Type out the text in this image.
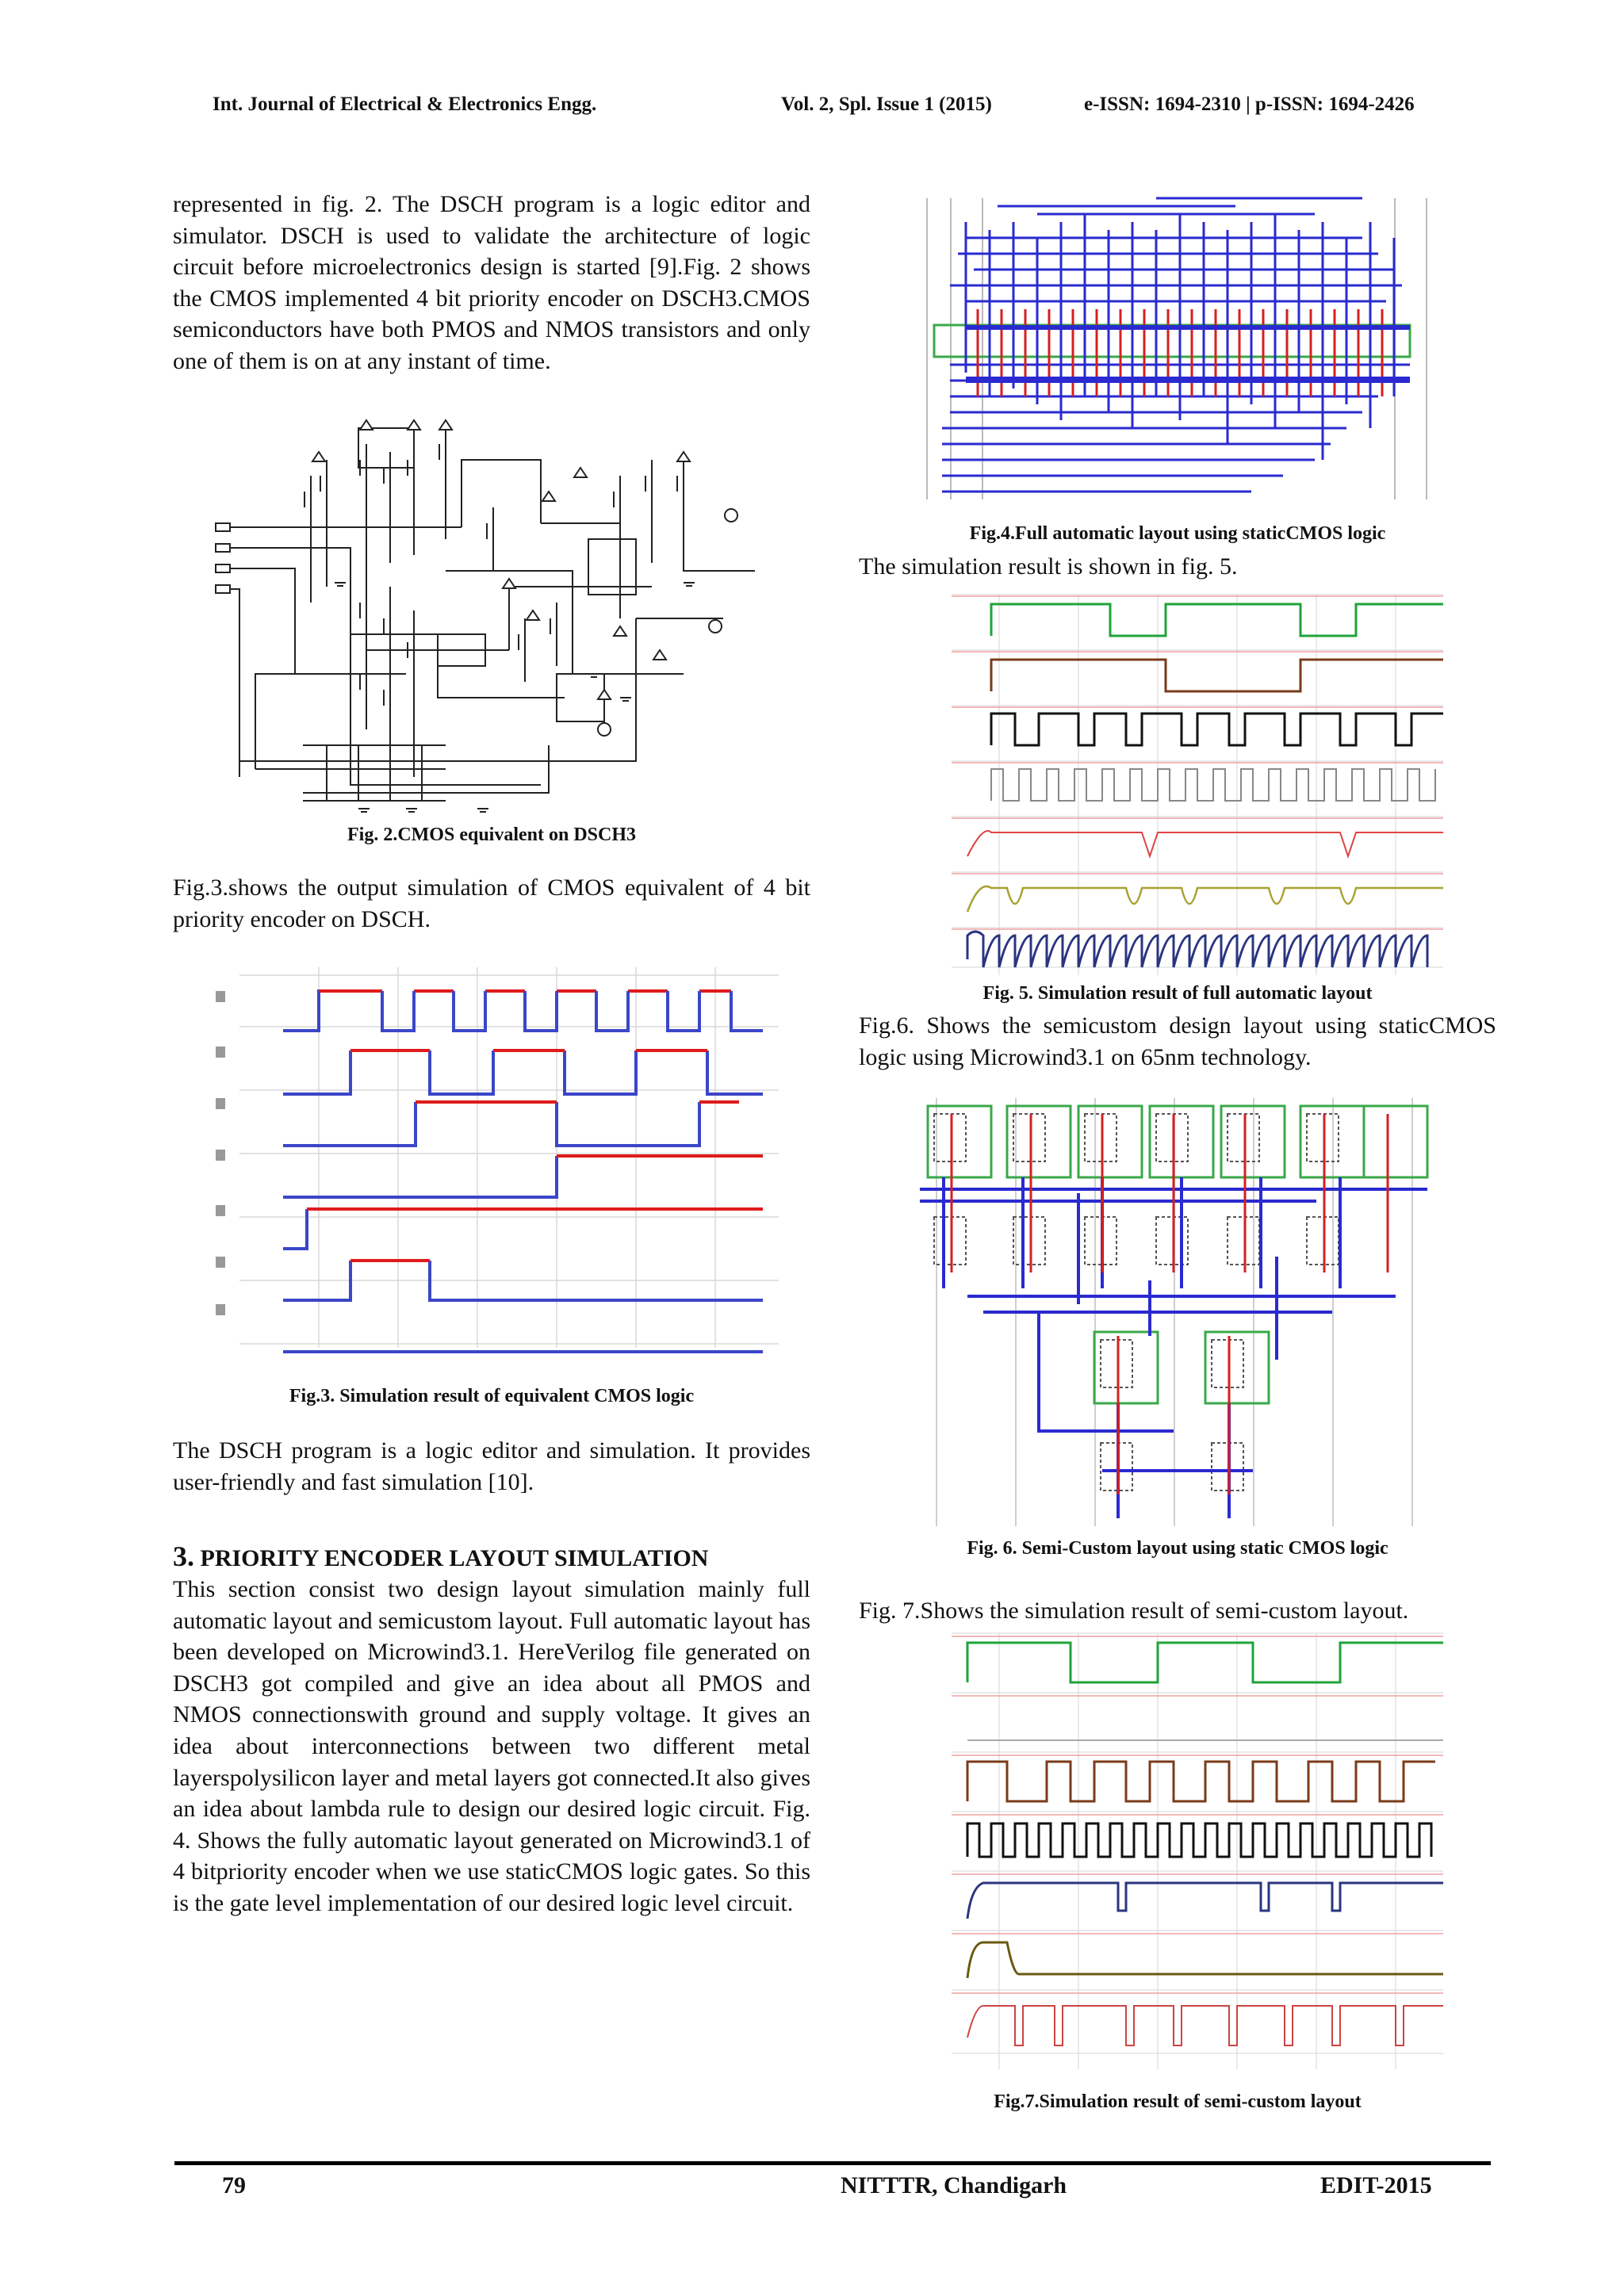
Int. Journal of Electrical & Electronics Engg.	Vol. 2, Spl. Issue 1 (2015)	e-ISSN: 1694-2310 | p-ISSN: 1694-2426

represented in fig. 2. The DSCH program is a logic editor and simulator. DSCH is used to validate the architecture of logic circuit before microelectronics design is started [9].Fig. 2 shows the CMOS implemented 4 bit priority encoder on DSCH3.CMOS semiconductors have both PMOS and NMOS transistors and only one of them is on at any instant of time.

Fig. 2.CMOS equivalent on DSCH3

Fig.3.shows the output simulation of CMOS equivalent of 4 bit priority encoder on DSCH.

Fig.3. Simulation result of equivalent CMOS logic

The DSCH program is a logic editor and simulation. It provides user-friendly and fast simulation [10].

3. PRIORITY ENCODER LAYOUT SIMULATION

This section consist two design layout simulation mainly full automatic layout and semicustom layout. Full automatic layout has been developed on Microwind3.1. HereVerilog file generated on DSCH3 got compiled and give an idea about all PMOS and NMOS connectionswith ground and supply voltage. It gives an idea about interconnections between two different metal layerspolysilicon layer and metal layers got connected.It also gives an idea about lambda rule to design our desired logic circuit. Fig. 4. Shows the fully automatic layout generated on Microwind3.1 of 4 bitpriority encoder when we use staticCMOS logic gates. So this is the gate level implementation of our desired logic level circuit.

Fig.4.Full automatic layout using staticCMOS logic

The simulation result is shown in fig. 5.

Fig. 5. Simulation result of full automatic layout

Fig.6. Shows the semicustom design layout using staticCMOS logic using Microwind3.1 on 65nm technology.

Fig. 6. Semi-Custom layout using static CMOS logic

Fig. 7.Shows the simulation result of semi-custom layout.

Fig.7.Simulation result of semi-custom layout

79	NITTTR, Chandigarh	EDIT-2015
